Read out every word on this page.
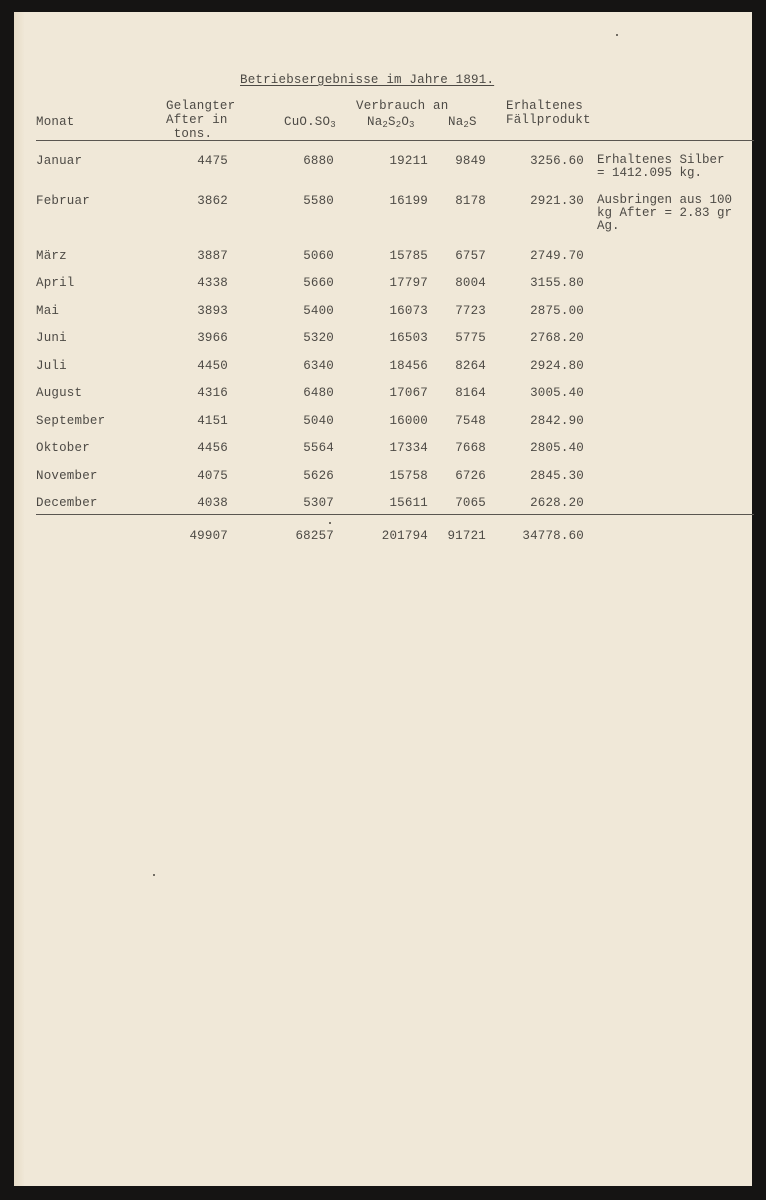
Betriebsergebnisse im Jahre 1891.
Monat
Gelangter
After in
tons.
$CuO.SO_3$
Verbrauch an
$Na_2S_2O_3$	$Na_2S$
Erhaltenes
Fällprodukt
Januar	4475	6880	19211	9849	3256.60
Februar	3862	5580	16199	8178	2921.30
März	3887	5060	15785	6757	2749.70
April	4338	5660	17797	8004	3155.80
Mai	3893	5400	16073	7723	2875.00
Juni	3966	5320	16503	5775	2768.20
Juli	4450	6340	18456	8264	2924.80
August	4316	6480	17067	8164	3005.40
September	4151	5040	16000	7548	2842.90
Oktober	4456	5564	17334	7668	2805.40
November	4075	5626	15758	6726	2845.30
December	4038	5307	15611	7065	2628.20
49907	68257	201794	91721	34778.60
Erhaltenes Silber
= 1412.095 kg.
Ausbringen aus 100
kg After = 2.83 gr
Ag.
